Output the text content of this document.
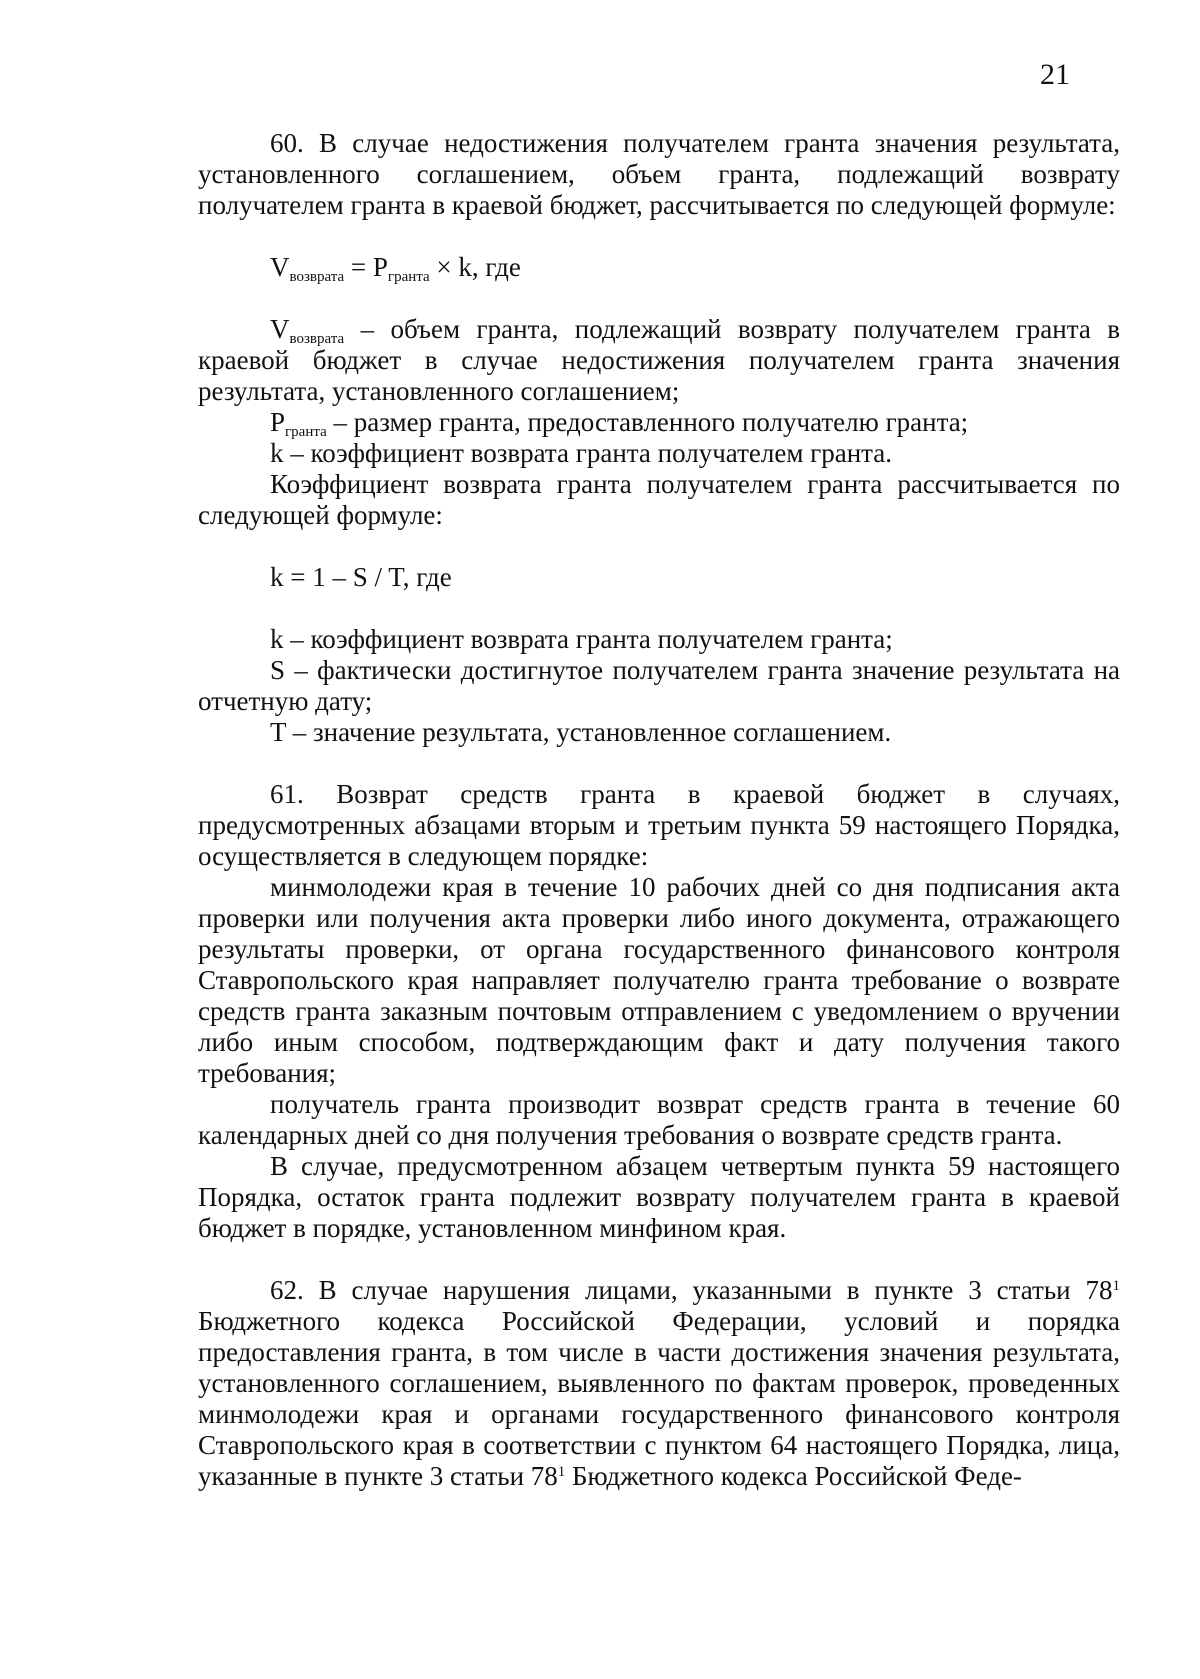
21

60. В случае недостижения получателем гранта значения результата, установленного соглашением, объем гранта, подлежащий возврату получателем гранта в краевой бюджет, рассчитывается по следующей формуле:

$V_{возврата} = P_{гранта} \times k$, где

$V_{возврата}$ – объем гранта, подлежащий возврату получателем гранта в краевой бюджет в случае недостижения получателем гранта значения результата, установленного соглашением;

$P_{гранта}$ – размер гранта, предоставленного получателю гранта;

k – коэффициент возврата гранта получателем гранта.

Коэффициент возврата гранта получателем гранта рассчитывается по следующей формуле:

k = 1 – S / T, где

k – коэффициент возврата гранта получателем гранта;

S – фактически достигнутое получателем гранта значение результата на отчетную дату;

T – значение результата, установленное соглашением.

61. Возврат средств гранта в краевой бюджет в случаях, предусмотренных абзацами вторым и третьим пункта 59 настоящего Порядка, осуществляется в следующем порядке:

минмолодежи края в течение 10 рабочих дней со дня подписания акта проверки или получения акта проверки либо иного документа, отражающего результаты проверки, от органа государственного финансового контроля Ставропольского края направляет получателю гранта требование о возврате средств гранта заказным почтовым отправлением с уведомлением о вручении либо иным способом, подтверждающим факт и дату получения такого требования;

получатель гранта производит возврат средств гранта в течение 60 календарных дней со дня получения требования о возврате средств гранта.

В случае, предусмотренном абзацем четвертым пункта 59 настоящего Порядка, остаток гранта подлежит возврату получателем гранта в краевой бюджет в порядке, установленном минфином края.

62. В случае нарушения лицами, указанными в пункте 3 статьи $78^1$ Бюджетного кодекса Российской Федерации, условий и порядка предоставления гранта, в том числе в части достижения значения результата, установленного соглашением, выявленного по фактам проверок, проведенных минмолодежи края и органами государственного финансового контроля Ставропольского края в соответствии с пунктом 64 настоящего Порядка, лица, указанные в пункте 3 статьи $78^1$ Бюджетного кодекса Российской Феде-
